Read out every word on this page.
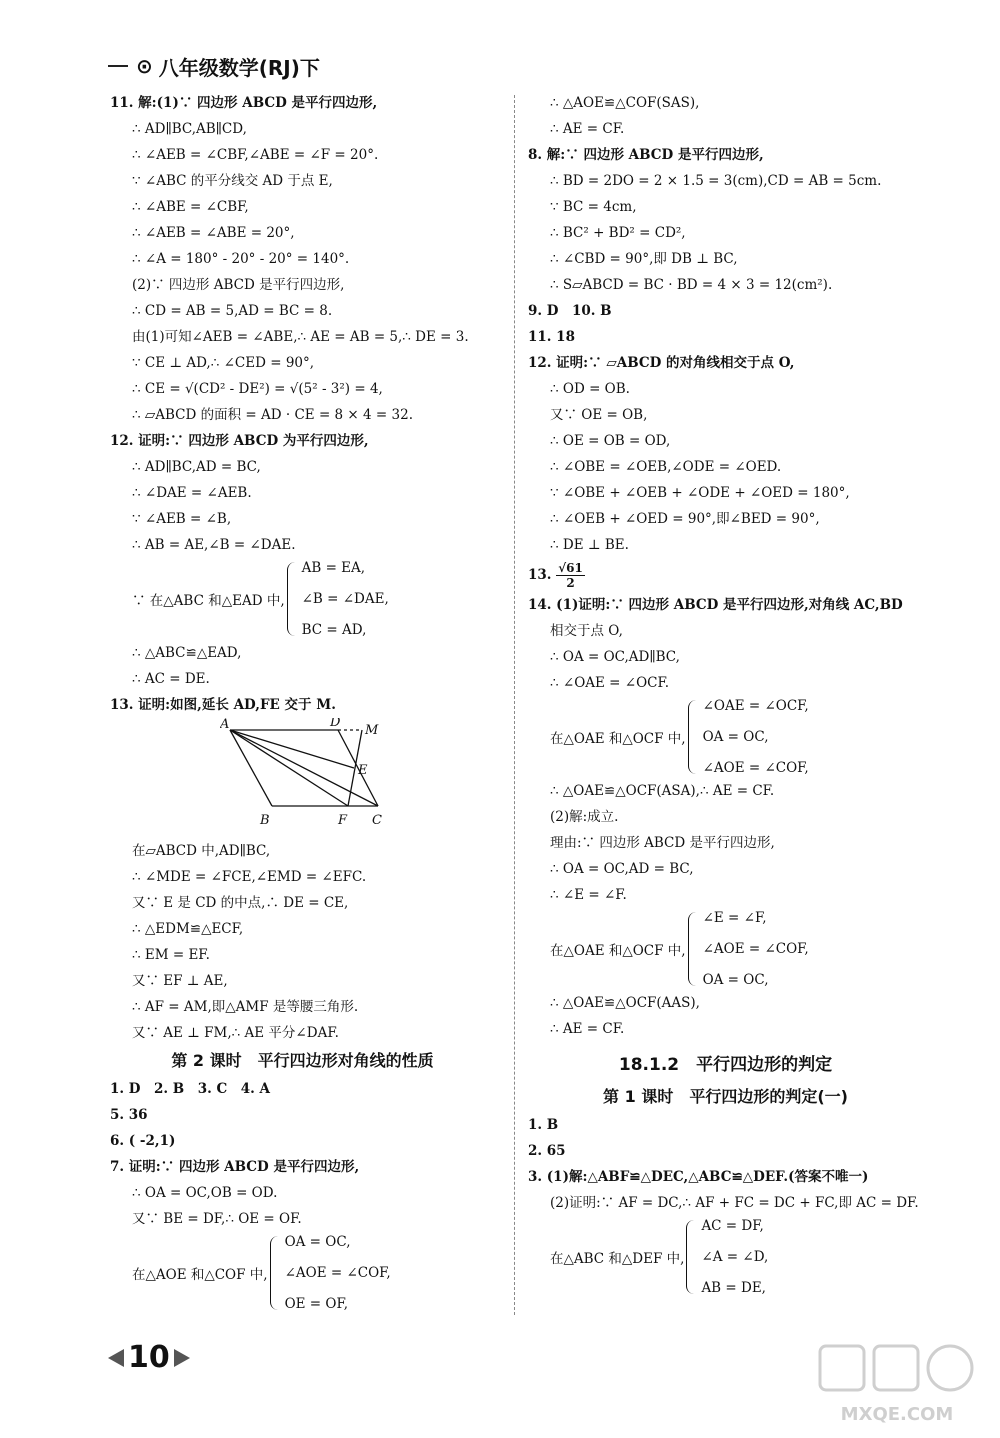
⊙ 八年级数学(RJ)下
11. 解:(1)∵ 四边形 ABCD 是平行四边形,
∴ AD∥BC,AB∥CD,
∴ ∠AEB = ∠CBF,∠ABE = ∠F = 20°.
∵ ∠ABC 的平分线交 AD 于点 E,
∴ ∠ABE = ∠CBF,
∴ ∠AEB = ∠ABE = 20°,
∴ ∠A = 180° - 20° - 20° = 140°.
(2)∵ 四边形 ABCD 是平行四边形,
∴ CD = AB = 5,AD = BC = 8.
由(1)可知∠AEB = ∠ABE,∴ AE = AB = 5,∴ DE = 3.
∵ CE ⊥ AD,∴ ∠CED = 90°,
∴ CE = √(CD² - DE²) = √(5² - 3²) = 4,
∴ ▱ABCD 的面积 = AD · CE = 8 × 4 = 32.
12. 证明:∵ 四边形 ABCD 为平行四边形,
∴ AD∥BC,AD = BC,
∴ ∠DAE = ∠AEB.
∵ ∠AEB = ∠B,
∴ AB = AE,∠B = ∠DAE.
∵ 在△ABC 和△EAD 中,
AB = EA,
∠B = ∠DAE,
BC = AD,
∴ △ABC≌△EAD,
∴ AC = DE.
13. 证明:如图,延长 AD,FE 交于 M.
A	D
M
E
B	F C
在▱ABCD 中,AD∥BC,
∴ ∠MDE = ∠FCE,∠EMD = ∠EFC.
又∵ E 是 CD 的中点,∴ DE = CE,
∴ △EDM≌△ECF,
∴ EM = EF.
又∵ EF ⊥ AE,
∴ AF = AM,即△AMF 是等腰三角形.
又∵ AE ⊥ FM,∴ AE 平分∠DAF.
第 2 课时　平行四边形对角线的性质
1. D　2. B　3. C　4. A
5. 36
6. ( -2,1)
7. 证明:∵ 四边形 ABCD 是平行四边形,
∴ OA = OC,OB = OD.
又∵ BE = DF,∴ OE = OF.
在△AOE 和△COF 中,
OA = OC,
∠AOE = ∠COF,
OE = OF,
∴ △AOE≌△COF(SAS),
∴ AE = CF.
8. 解:∵ 四边形 ABCD 是平行四边形,
∴ BD = 2DO = 2 × 1.5 = 3(cm),CD = AB = 5cm.
∵ BC = 4cm,
∴ BC² + BD² = CD²,
∴ ∠CBD = 90°,即 DB ⊥ BC,
∴ S▱ABCD = BC · BD = 4 × 3 = 12(cm²).
9. D　10. B
11. 18
12. 证明:∵ ▱ABCD 的对角线相交于点 O,
∴ OD = OB.
又∵ OE = OB,
∴ OE = OB = OD,
∴ ∠OBE = ∠OEB,∠ODE = ∠OED.
∵ ∠OBE + ∠OEB + ∠ODE + ∠OED = 180°,
∴ ∠OEB + ∠OED = 90°,即∠BED = 90°,
∴ DE ⊥ BE.
13. $\frac{√61}{2}$
14. (1)证明:∵ 四边形 ABCD 是平行四边形,对角线 AC,BD
相交于点 O,
∴ OA = OC,AD∥BC,
∴ ∠OAE = ∠OCF.
在△OAE 和△OCF 中,
∠OAE = ∠OCF,
OA = OC,
∠AOE = ∠COF,
∴ △OAE≌△OCF(ASA),∴ AE = CF.
(2)解:成立.
理由:∵ 四边形 ABCD 是平行四边形,
∴ OA = OC,AD = BC,
∴ ∠E = ∠F.
在△OAE 和△OCF 中,
∠E = ∠F,
∠AOE = ∠COF,
OA = OC,
∴ △OAE≌△OCF(AAS),
∴ AE = CF.
18.1.2　平行四边形的判定
第 1 课时　平行四边形的判定(一)
1. B
2. 65
3. (1)解:△ABF≌△DEC,△ABC≌△DEF.(答案不唯一)
(2)证明:∵ AF = DC,∴ AF + FC = DC + FC,即 AC = DF.
在△ABC 和△DEF 中,
AC = DF,
∠A = ∠D,
AB = DE,
10
MXQE.COM
